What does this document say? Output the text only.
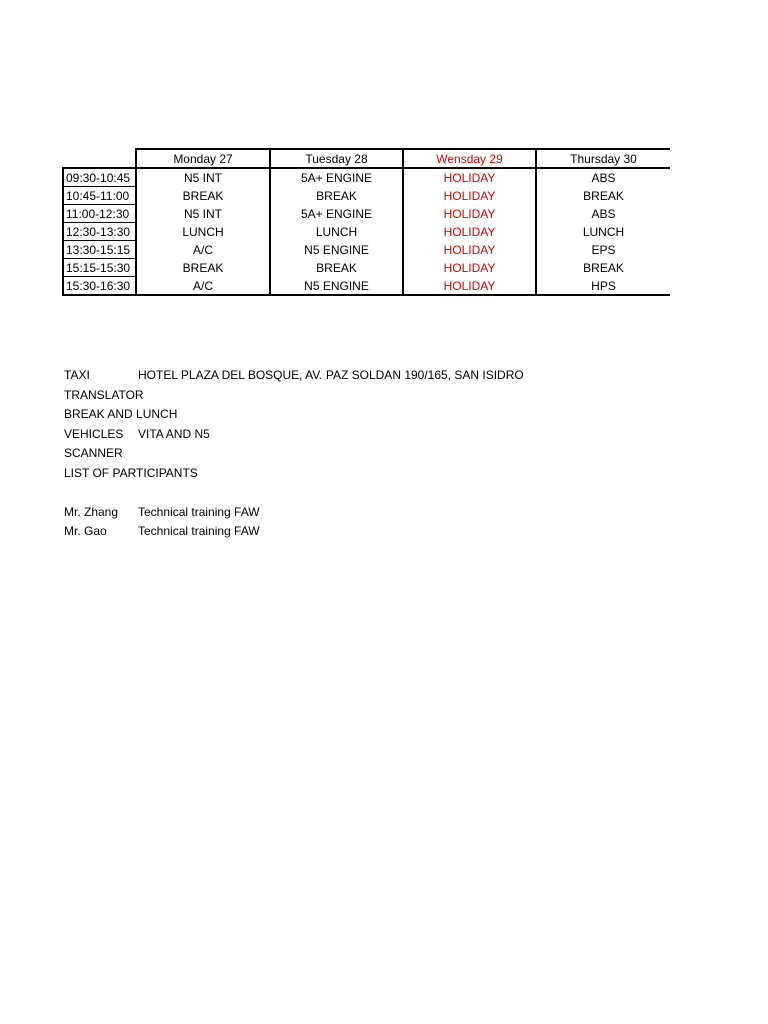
	Monday 27	Tuesday 28	Wensday 29	Thursday 30
09:30-10:45	N5 INT	5A+ ENGINE	HOLIDAY	ABS
10:45-11:00	BREAK	BREAK	HOLIDAY	BREAK
11:00-12:30	N5 INT	5A+ ENGINE	HOLIDAY	ABS
12:30-13:30	LUNCH	LUNCH	HOLIDAY	LUNCH
13:30-15:15	A/C	N5 ENGINE	HOLIDAY	EPS
15:15-15:30	BREAK	BREAK	HOLIDAY	BREAK
15:30-16:30	A/C	N5 ENGINE	HOLIDAY	HPS
TAXI	HOTEL PLAZA DEL BOSQUE, AV. PAZ SOLDAN 190/165, SAN ISIDRO
TRANSLATOR
BREAK AND LUNCH
VEHICLES	VITA AND N5
SCANNER
LIST OF PARTICIPANTS
Mr. Zhang	Technical training FAW
Mr. Gao	Technical training FAW
